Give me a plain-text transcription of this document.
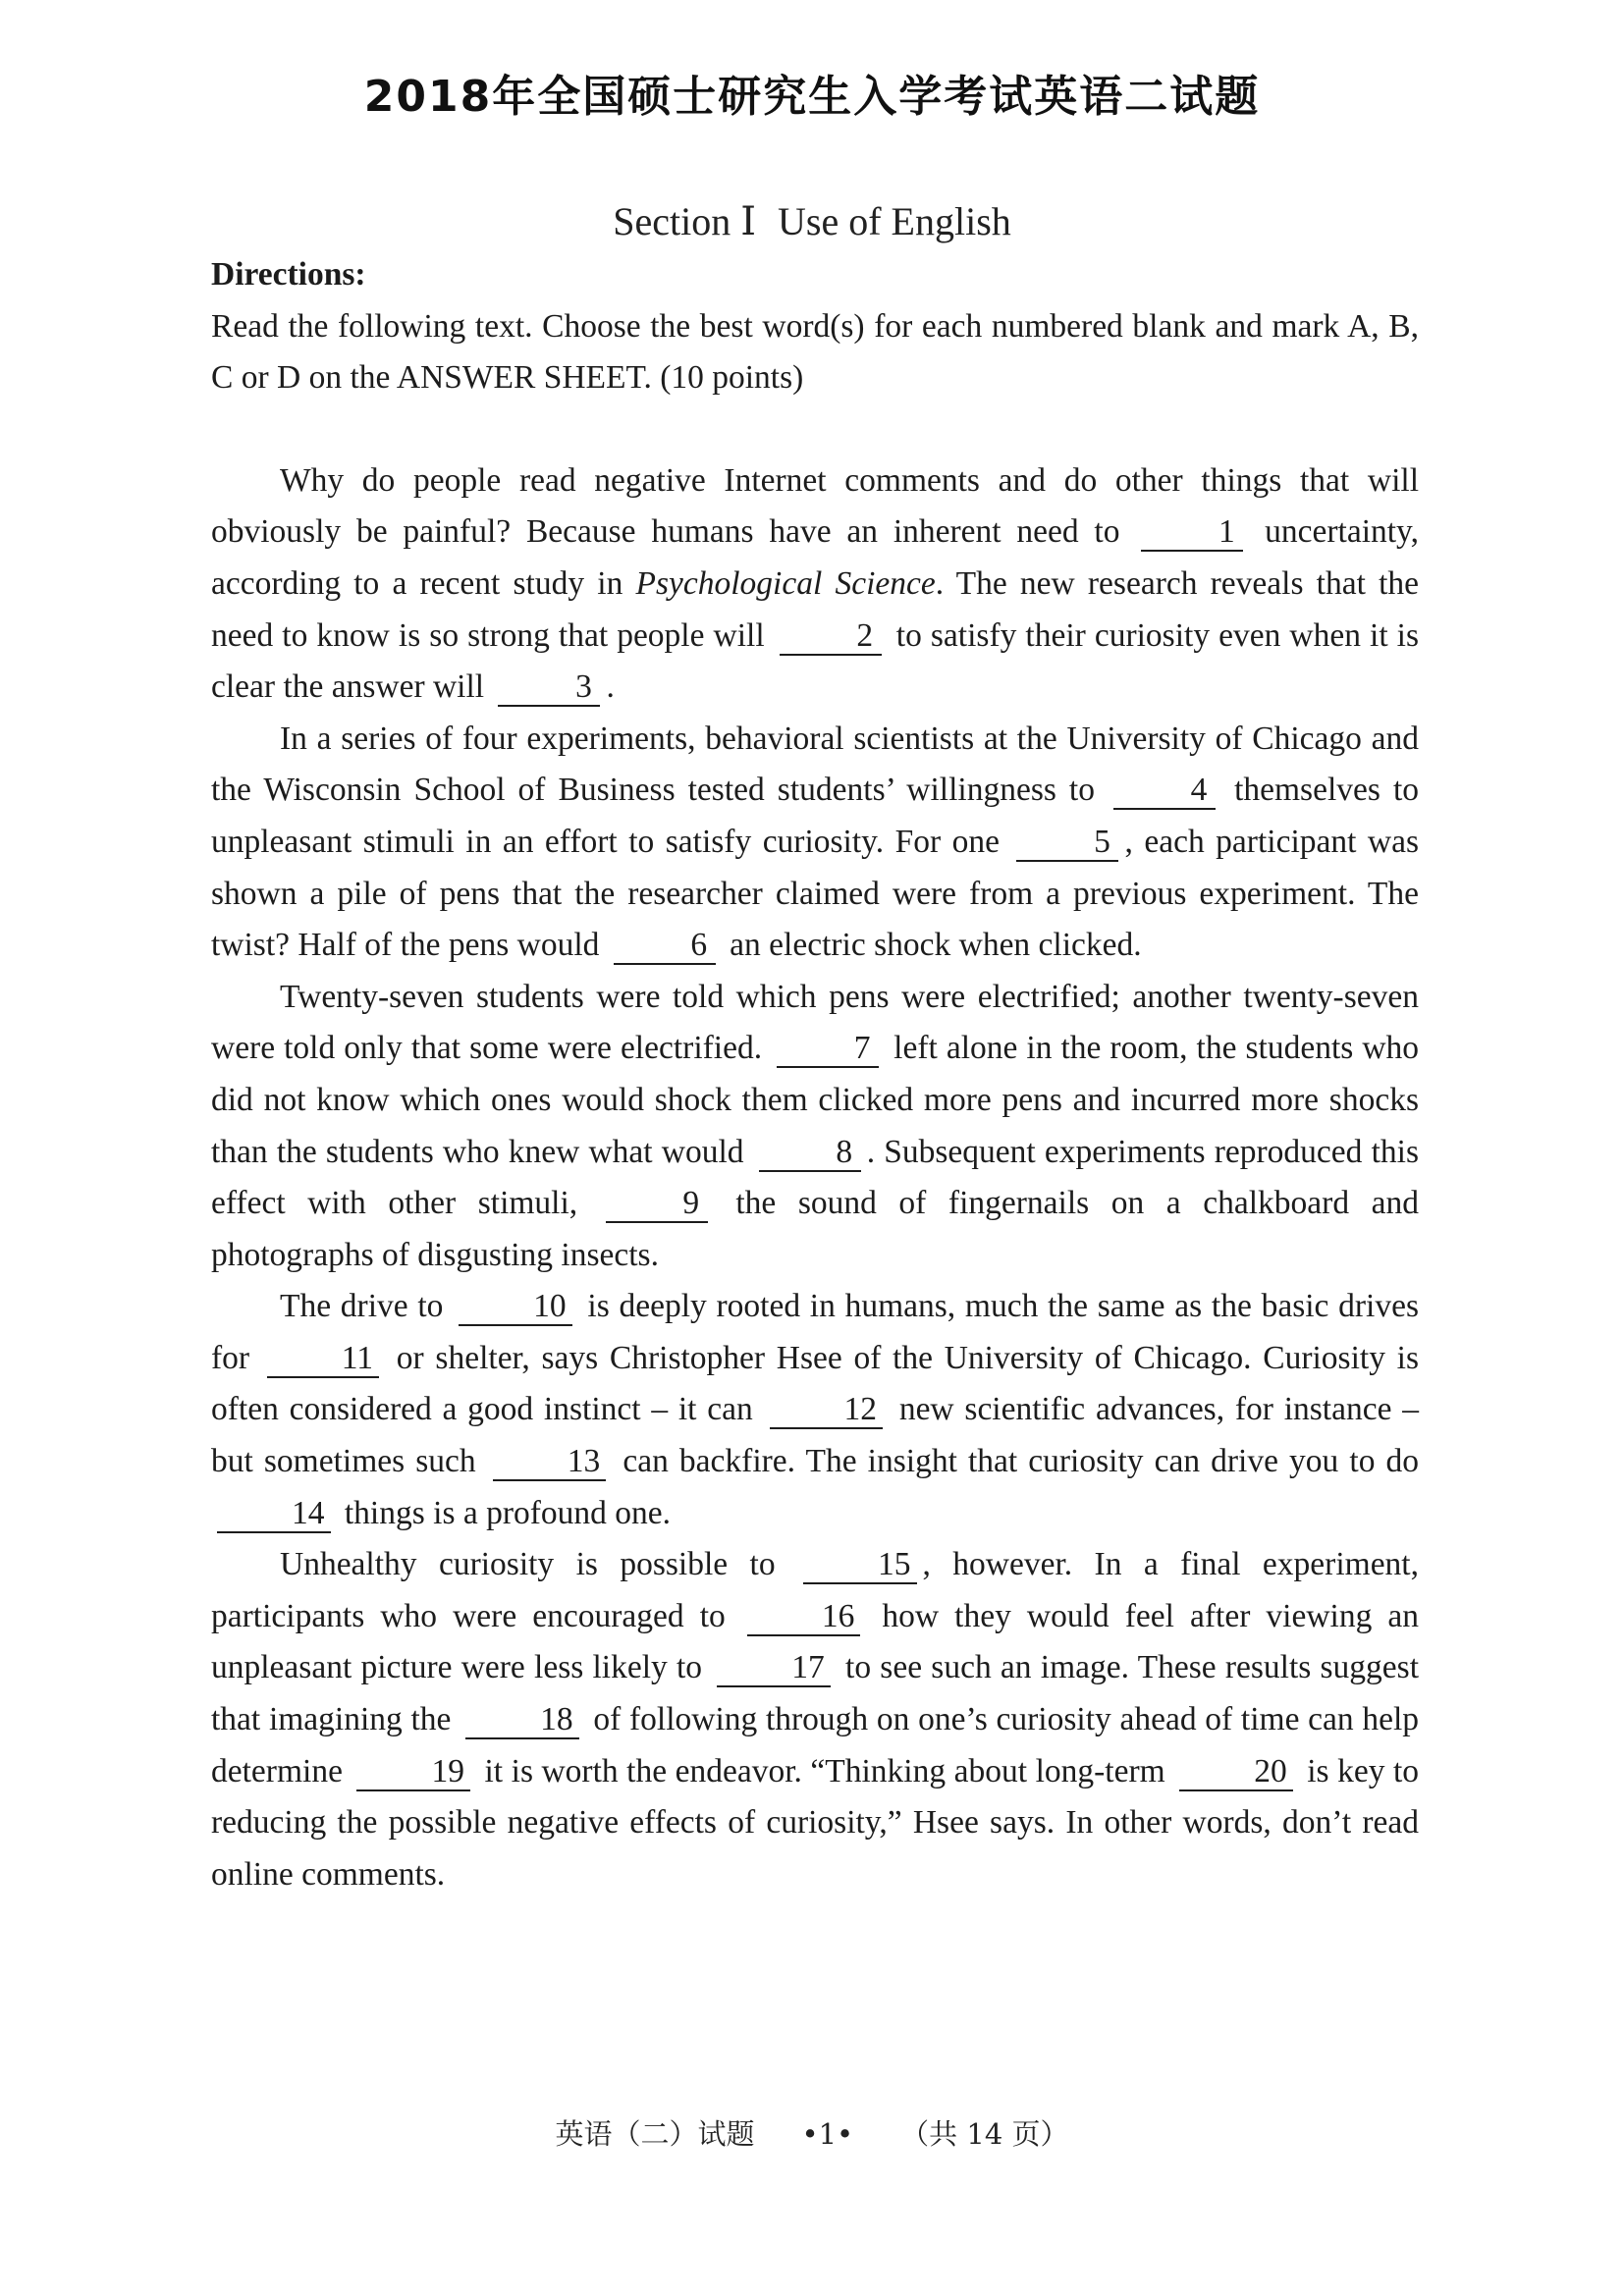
2018年全国硕士研究生入学考试英语二试题
Section Ⅰ Use of English

Directions:

Read the following text. Choose the best word(s) for each numbered blank and mark A, B, C or D on the ANSWER SHEET. (10 points)

Why do people read negative Internet comments and do other things that will obviously be painful? Because humans have an inherent need to	1 uncertainty, according to a recent study in Psychological Science. The new research reveals that the need to know is so strong that people will	2 to satisfy their curiosity even when it is clear the answer will	3 .

In a series of four experiments, behavioral scientists at the University of Chicago and the Wisconsin School of Business tested students’ willingness to	4 themselves to unpleasant stimuli in an effort to satisfy curiosity. For one	5 , each participant was shown a pile of pens that the researcher claimed were from a previous experiment. The twist? Half of the pens would	6 an electric shock when clicked.

Twenty-seven students were told which pens were electrified; another twenty-seven were told only that some were electrified.	7 left alone in the room, the students who did not know which ones would shock them clicked more pens and incurred more shocks than the students who knew what would	8 . Subsequent experiments reproduced this effect with other stimuli,	9 the sound of fingernails on a chalkboard and photographs of disgusting insects.

The drive to	10 is deeply rooted in humans, much the same as the basic drives for	11 or shelter, says Christopher Hsee of the University of Chicago. Curiosity is often considered a good instinct – it can	12 new scientific advances, for instance – but sometimes such	13 can backfire. The insight that curiosity can drive you to do 14 things is a profound one.

Unhealthy curiosity is possible to	15 , however. In a final experiment, participants who were encouraged to	16 how they would feel after viewing an unpleasant picture were less likely to	17 to see such an image. These results suggest that imagining the	18 of following through on one’s curiosity ahead of time can help determine	19 it is worth the endeavor. “Thinking about long-term	20 is key to reducing the possible negative effects of curiosity,” Hsee says. In other words, don’t read online comments.

英语（二）试题 •1• （共 14 页）
